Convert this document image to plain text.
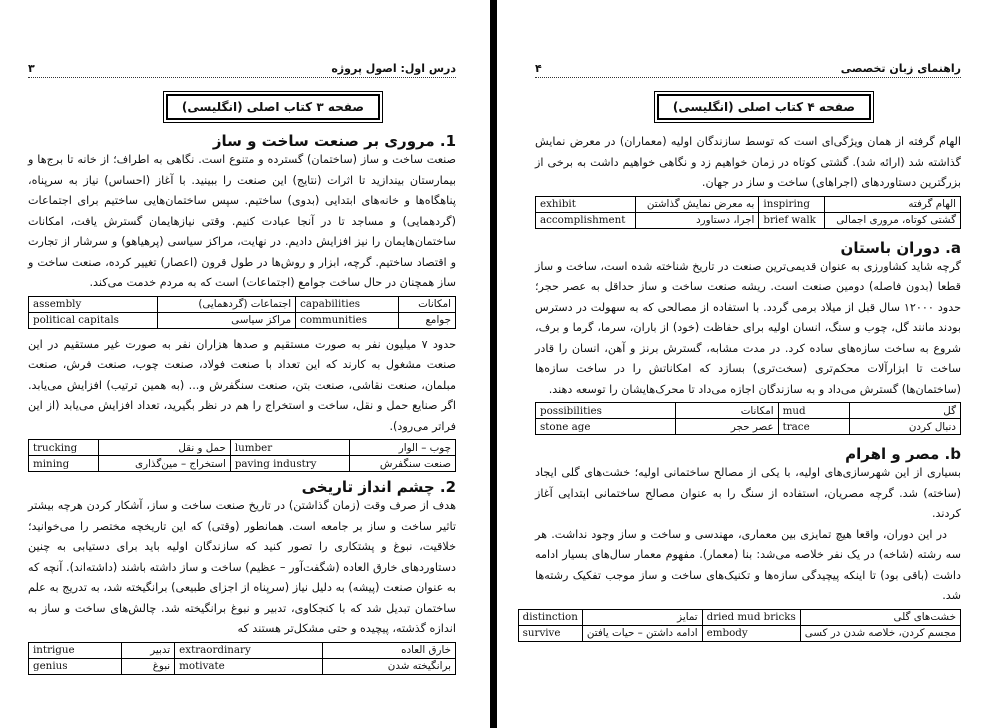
درس اول: اصول پروژه
۳
صفحه ۳ کتاب اصلی (انگلیسی)
1. مروری بر صنعت ساخت و ساز

صنعت ساخت و ساز (ساختمان) گسترده و متنوع است. نگاهی به اطراف؛ از خانه تا برج‌ها و بیمارستان بیندازید تا اثرات (نتایج) این صنعت را ببینید. با آغاز (احساس) نیاز به سرپناه، پناهگاه‌ها و خانه‌های ابتدایی (بدوی) ساختیم. سپس ساختمان‌هایی ساختیم برای اجتماعات (گردهمایی) و مساجد تا در آنجا عبادت کنیم. وقتی نیازهایمان گسترش یافت، امکانات ساختمان‌هایمان را نیز افزایش دادیم. در نهایت، مراکز سیاسی (پرهیاهو) و سرشار از تجارت و اقتصاد ساختیم. گرچه، ابزار و روش‌ها در طول قرون (اعصار) تغییر کرده، صنعت ساخت و ساز همچنان در حال ساخت جوامع (اجتماعات) است که به مردم خدمت می‌کند.

امکانات	capabilities	اجتماعات (گردهمایی)	assembly
جوامع	communities	مراکز سیاسی	political capitals

حدود ۷ میلیون نفر به صورت مستقیم و صدها هزاران نفر به صورت غیر مستقیم در این صنعت مشغول به کارند که این تعداد با صنعت فولاد، صنعت چوب، صنعت فرش، صنعت مبلمان، صنعت نقاشی، صنعت بتن، صنعت سنگفرش و... (به همین ترتیب) افزایش می‌یابد. اگر صنایع حمل و نقل، ساخت و استخراج را هم در نظر بگیرید، تعداد افزایش می‌یابد (از این فراتر می‌رود).

چوب – الوار	lumber	حمل و نقل	trucking
صنعت سنگفرش	paving industry	استخراج – مین‌گذاری	mining
2. چشم انداز تاریخی

هدف از صرف وقت (زمان گذاشتن) در تاریخ صنعت ساخت و ساز، آشکار کردن هرچه بیشتر تاثیر ساخت و ساز بر جامعه است. همانطور (وقتی) که این تاریخچه مختصر را می‌خوانید؛ خلاقیت، نبوغ و پشتکاری را تصور کنید که سازندگان اولیه باید برای دستیابی به چنین دستاوردهای خارق العاده (شگفت‌آور – عظیم) ساخت و ساز داشته باشند (داشته‌اند). آنچه که به عنوان صنعت (پیشه) به دلیل نیاز (سرپناه از اجزای طبیعی) برانگیخته شد، به تدریج به علم ساختمان تبدیل شد که با کنجکاوی، تدبیر و نبوغ برانگیخته شد. چالش‌های ساخت و ساز به اندازه گذشته، پیچیده و حتی مشکل‌تر هستند که

خارق العاده	extraordinary	تدبیر	intrigue
برانگیخته شدن	motivate	نبوغ	genius
راهنمای زبان تخصصی
۴
صفحه ۴ کتاب اصلی (انگلیسی)

الهام گرفته از همان ویژگی‌ای است که توسط سازندگان اولیه (معماران) در معرض نمایش گذاشته شد (ارائه شد). گشتی کوتاه در زمان خواهیم زد و نگاهی خواهیم داشت به برخی از بزرگترین دستاوردهای (اجراهای) ساخت و ساز در جهان.

الهام گرفته	inspiring	به معرض نمایش گذاشتن	exhibit
گشتی کوتاه، مروری اجمالی	brief walk	اجرا، دستاورد	accomplishment
a. دوران باستان

گرچه شاید کشاورزی به عنوان قدیمی‌ترین صنعت در تاریخ شناخته شده است، ساخت و ساز قطعا (بدون فاصله) دومین صنعت است. ریشه صنعت ساخت و ساز حداقل به عصر حجر؛ حدود ۱۲۰۰۰ سال قبل از میلاد برمی گردد. با استفاده از مصالحی که به سهولت در دسترس بودند مانند گل، چوب و سنگ، انسان اولیه برای حفاظت (خود) از باران، سرما، گرما و برف، شروع به ساخت سازه‌های ساده کرد. در مدت مشابه، گسترش برنز و آهن، انسان را قادر ساخت تا ابزارآلات محکم‌تری (سخت‌تری) بسازد که امکاناتش را در ساخت سازه‌ها (ساختمان‌ها) گسترش می‌داد و به سازندگان اجازه می‌داد تا محرک‌هایشان را توسعه دهند.

گل	mud	امکانات	possibilities
دنبال کردن	trace	عصر حجر	stone age
b. مصر و اهرام

بسیاری از این شهرسازی‌های اولیه، با یکی از مصالح ساختمانی اولیه؛ خشت‌های گلی ایجاد (ساخته) شد. گرچه مصریان، استفاده از سنگ را به عنوان مصالح ساختمانی ابتدایی آغاز کردند.

در این دوران، واقعا هیچ تمایزی بین معماری، مهندسی و ساخت و ساز وجود نداشت. هر سه رشته (شاخه) در یک نفر خلاصه می‌شد: بنا (معمار). مفهوم معمار سال‌های بسیار ادامه داشت (باقی بود) تا اینکه پیچیدگی سازه‌ها و تکنیک‌های ساخت و ساز موجب تفکیک رشته‌ها شد.

خشت‌های گلی	dried mud bricks	تمایز	distinction
مجسم کردن، خلاصه شدن در کسی	embody	ادامه داشتن – حیات یافتن	survive
